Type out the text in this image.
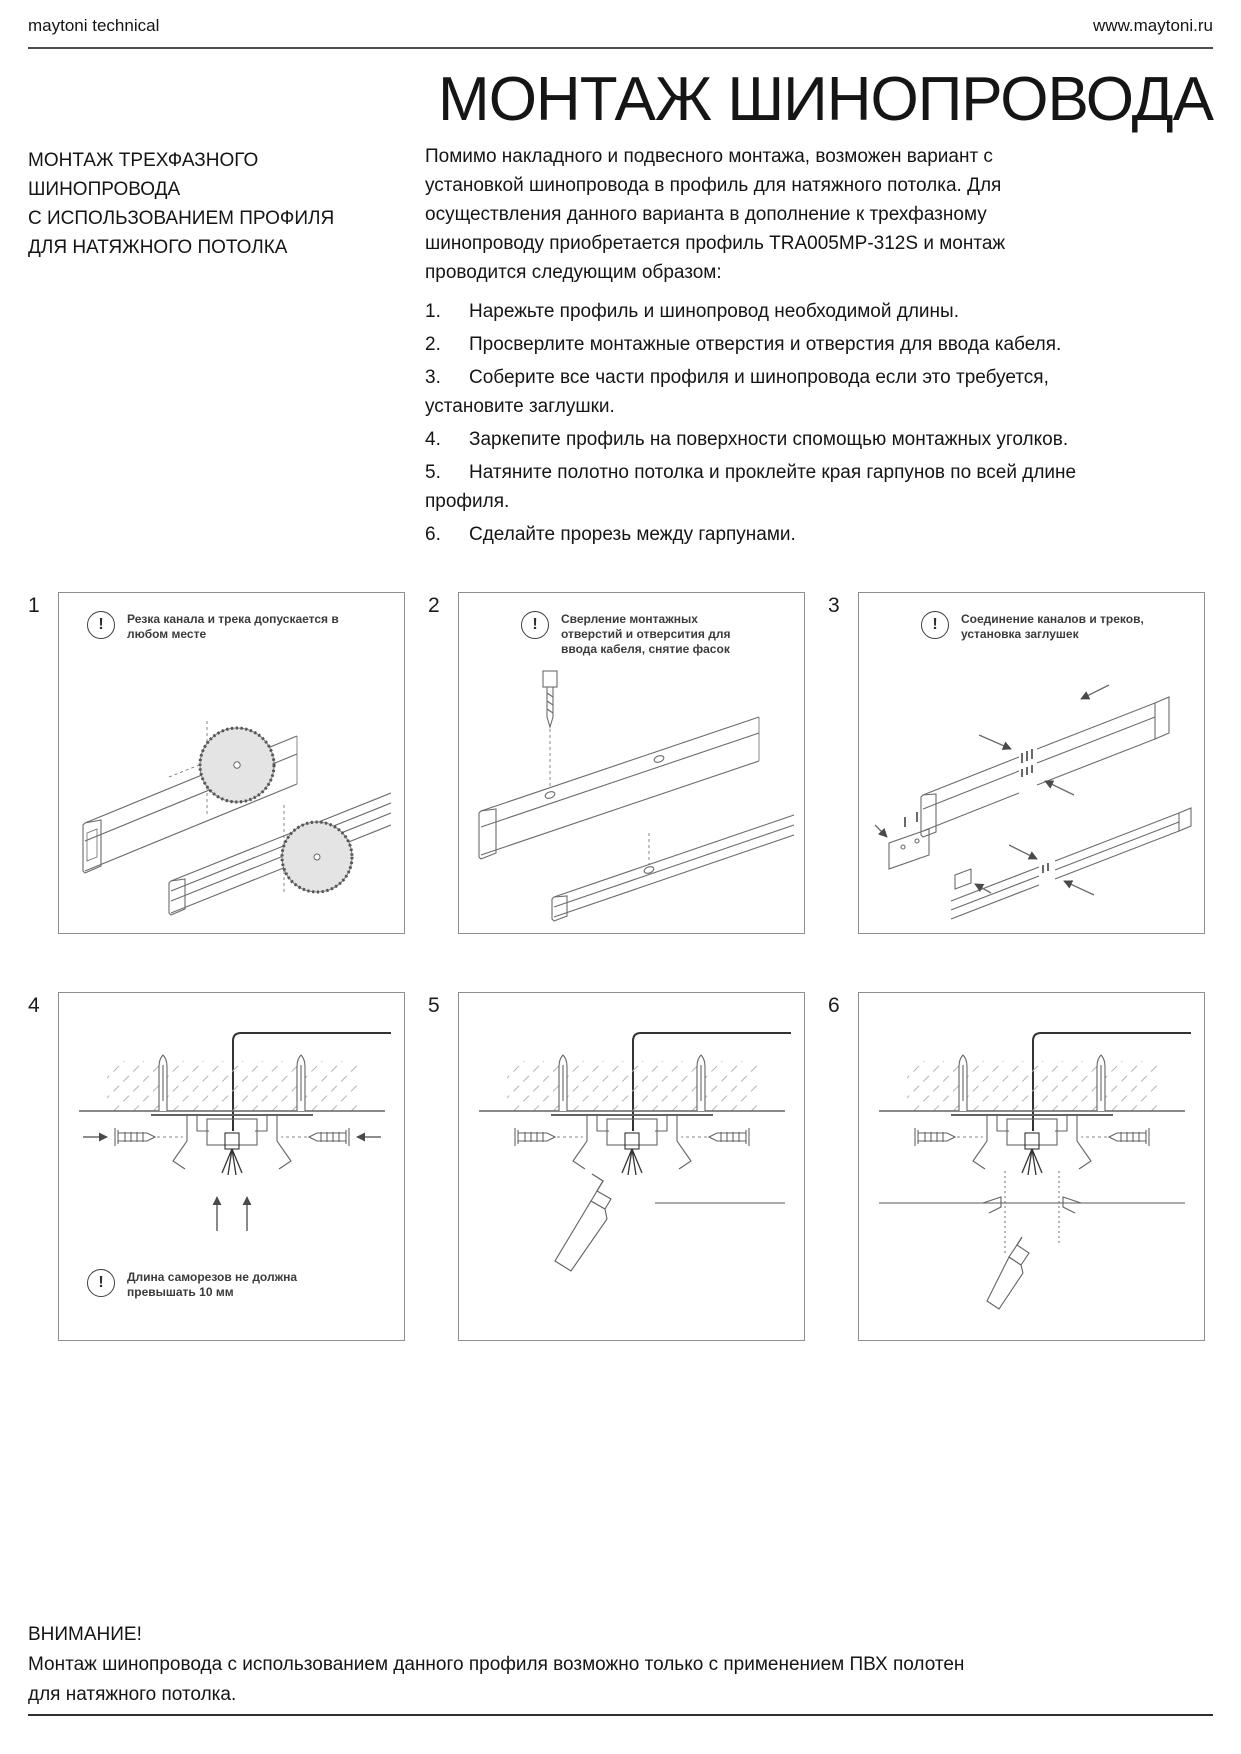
maytoni technical	www.maytoni.ru
МОНТАЖ ШИНОПРОВОДА
МОНТАЖ ТРЕХФАЗНОГО
ШИНОПРОВОДА
С ИСПОЛЬЗОВАНИЕМ ПРОФИЛЯ
ДЛЯ НАТЯЖНОГО ПОТОЛКА
Помимо накладного и подвесного монтажа, возможен вариант с установкой шинопровода в профиль для натяжного потолка. Для осуществления данного варианта в дополнение к трехфазному шинопроводу приобретается профиль TRA005MP-312S и монтаж проводится следующим образом:
1. Нарежьте профиль и шинопровод необходимой длины.
2. Просверлите монтажные отверстия и отверстия для ввода кабеля.
3. Соберите все части профиля и шинопровода если это требуется, установите заглушки.
4. Заркепите профиль на поверхности спомощью монтажных уголков.
5. Натяните полотно потолка и проклейте края гарпунов по всей длине профиля.
6. Сделайте прорезь между гарпунами.
1
! Резка канала и трека допускается в любом месте
2
! Сверление монтажных отверстий и отверсития для ввода кабеля, снятие фасок
3
! Соединение каналов и треков, установка заглушек
4
! Длина саморезов не должна превышать 10 мм
5	6
ВНИМАНИЕ!
Монтаж шинопровода с использованием данного профиля возможно только с применением ПВХ полотен
для натяжного потолка.
